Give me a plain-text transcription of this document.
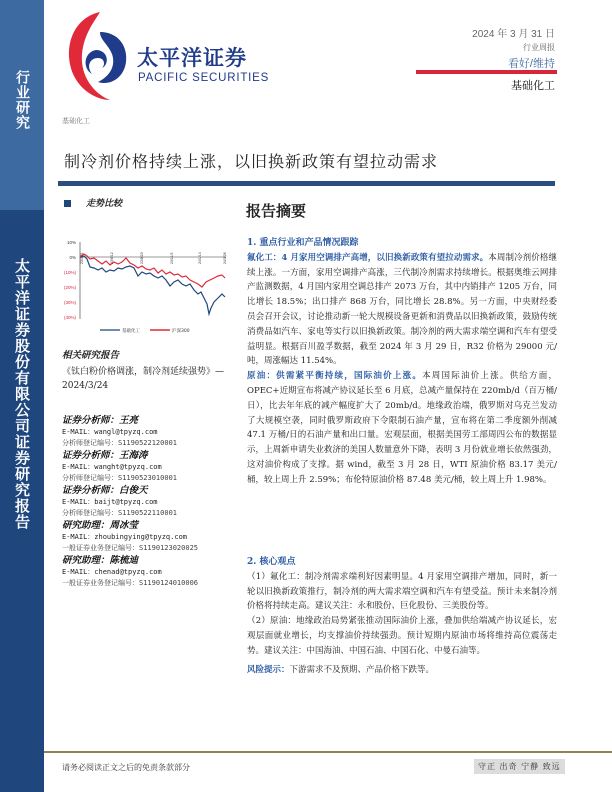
行业研究
太平洋证券股份有限公司证券研究报告
太平洋证券
PACIFIC SECURITIES
2024 年 3 月 31 日
行业周报
看好/维持
基础化工
基础化工
制冷剂价格持续上涨，以旧换新政策有望拉动需求
走势比较
10%
0%
(10%)
(20%)
(30%)
(40%)
23/3/31	23/6/12	23/8/23	23/11/3	24/1/14	24/3/26
基础化工	沪深300
相关研究报告
《钛白粉价格调涨，制冷剂延续强势》—2024/3/24
证券分析师：王亮
E-MAIL：wangl@tpyzq.com
分析师登记编号：S1190522120001
证券分析师：王海涛
E-MAIL：wanght@tpyzq.com
分析师登记编号：S1190523010001
证券分析师：白俊天
E-MAIL：baijt@tpyzq.com
分析师登记编号：S1190522110001
研究助理：周冰莹
E-MAIL：zhoubingying@tpyzq.com
一般证券业务登记编号：S1190123020025
研究助理：陈梳迪
E-MAIL：chenad@tpyzq.com
一般证券业务登记编号：S1190124010006
报告摘要
1. 重点行业和产品情况跟踪
氟化工：4 月家用空调排产高增，以旧换新政策有望拉动需求。本周制冷剂价格继续上涨。一方面，家用空调排产高涨，三代制冷剂需求持续增长。根据奥维云网排产监测数据，4 月国内家用空调总排产 2073 万台，其中内销排产 1205 万台，同比增长 18.5%；出口排产 868 万台，同比增长 28.8%。另一方面，中央财经委员会召开会议，讨论推动新一轮大规模设备更新和消费品以旧换新政策，鼓励传统消费品如汽车、家电等实行以旧换新政策。制冷剂的两大需求端空调和汽车有望受益明显。根据百川盈孚数据，截至 2024 年 3 月 29 日，R32 价格为 29000 元/吨，周涨幅达 11.54%。
原油：供需紧平衡持续，国际油价上涨。本周国际油价上涨。供给方面，OPEC+近期宣布将减产协议延长至 6 月底，总减产量保持在 220mb/d（百万桶/日），比去年年底的减产幅度扩大了 20mb/d。地缘政治端，俄罗斯对乌克兰发动了大规模空袭，同时俄罗斯政府下令限制石油产量，宣布将在第二季度额外削减 47.1 万桶/日的石油产量和出口量。宏观层面，根据美国劳工部周四公布的数据显示，上周新申请失业救济的美国人数量意外下降，表明 3 月份就业增长依然强劲，这对油价构成了支撑。据 wind，截至 3 月 28 日，WTI 原油价格 83.17 美元/桶，较上周上升 2.59%；布伦特原油价格 87.48 美元/桶，较上周上升 1.98%。
2. 核心观点
（1）氟化工：制冷剂需求端利好因素明显。4 月家用空调排产增加，同时，新一轮以旧换新政策推行，制冷剂的两大需求端空调和汽车有望受益。预计未来制冷剂价格将持续走高。建议关注：永和股份、巨化股份、三美股份等。
（2）原油：地缘政治局势紧张推动国际油价上涨，叠加供给端减产协议延长，宏观层面就业增长，均支撑油价持续强劲。预计短期内原油市场将维持高位震荡走势。建议关注：中国海油、中国石油、中国石化、中曼石油等。
风险提示：下游需求不及预期、产品价格下跌等。
请务必阅读正文之后的免责条款部分	守正 出奇 宁静 致远
